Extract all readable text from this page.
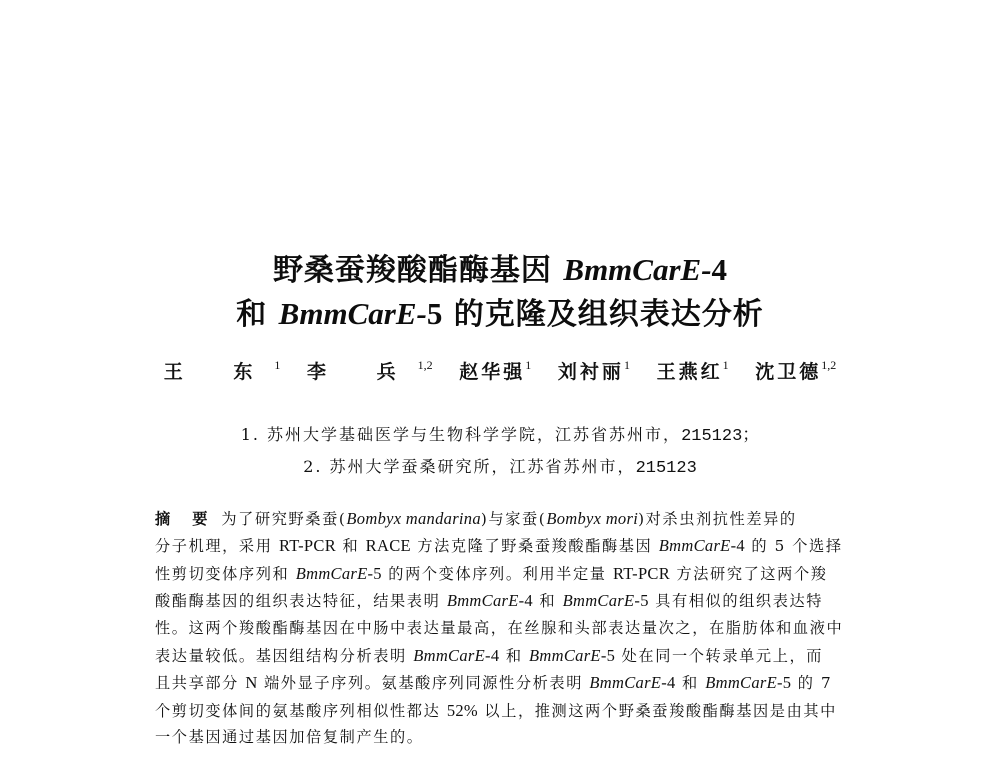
野桑蚕羧酸酯酶基因 BmmCarE-4
和 BmmCarE-5 的克隆及组织表达分析
王 东$^1$ 李 兵$^{1,2}$ 赵华强$^1$ 刘衬丽$^1$ 王燕红$^1$ 沈卫德$^{1,2}$
1. 苏州大学基础医学与生物科学学院，江苏省苏州市，215123；
2. 苏州大学蚕桑研究所，江苏省苏州市，215123
摘 要 为了研究野桑蚕(Bombyx mandarina)与家蚕(Bombyx mori)对杀虫剂抗性差异的
分子机理，采用 RT-PCR 和 RACE 方法克隆了野桑蚕羧酸酯酶基因 BmmCarE-4 的 5 个选择
性剪切变体序列和 BmmCarE-5 的两个变体序列。利用半定量 RT-PCR 方法研究了这两个羧
酸酯酶基因的组织表达特征，结果表明 BmmCarE-4 和 BmmCarE-5 具有相似的组织表达特
性。这两个羧酸酯酶基因在中肠中表达量最高，在丝腺和头部表达量次之，在脂肪体和血液中
表达量较低。基因组结构分析表明 BmmCarE-4 和 BmmCarE-5 处在同一个转录单元上，而
且共享部分 N 端外显子序列。氨基酸序列同源性分析表明 BmmCarE-4 和 BmmCarE-5 的 7
个剪切变体间的氨基酸序列相似性都达 52% 以上，推测这两个野桑蚕羧酸酯酶基因是由其中
一个基因通过基因加倍复制产生的。
